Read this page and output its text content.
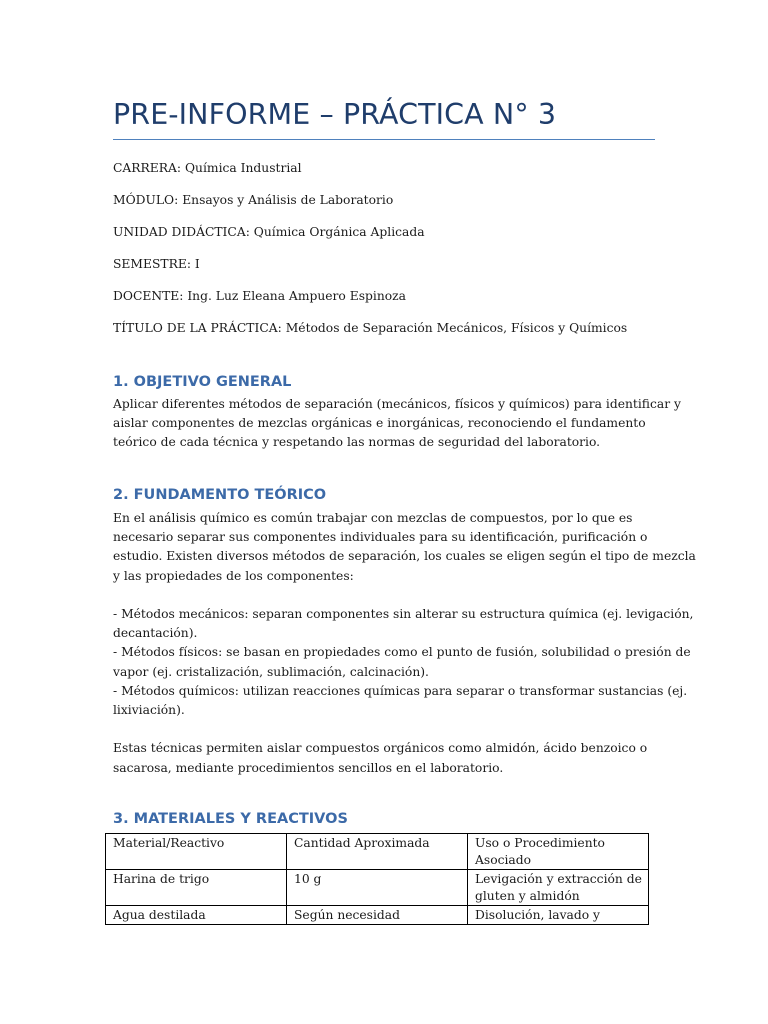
PRE-INFORME – PRÁCTICA N° 3
CARRERA: Química Industrial
MÓDULO: Ensayos y Análisis de Laboratorio
UNIDAD DIDÁCTICA: Química Orgánica Aplicada
SEMESTRE: I
DOCENTE: Ing. Luz Eleana Ampuero Espinoza
TÍTULO DE LA PRÁCTICA: Métodos de Separación Mecánicos, Físicos y Químicos
1. OBJETIVO GENERAL
Aplicar diferentes métodos de separación (mecánicos, físicos y químicos) para identificar y
aislar componentes de mezclas orgánicas e inorgánicas, reconociendo el fundamento
teórico de cada técnica y respetando las normas de seguridad del laboratorio.
2. FUNDAMENTO TEÓRICO
En el análisis químico es común trabajar con mezclas de compuestos, por lo que es
necesario separar sus componentes individuales para su identificación, purificación o
estudio. Existen diversos métodos de separación, los cuales se eligen según el tipo de mezcla
y las propiedades de los componentes:

- Métodos mecánicos: separan componentes sin alterar su estructura química (ej. levigación,
decantación).
- Métodos físicos: se basan en propiedades como el punto de fusión, solubilidad o presión de
vapor (ej. cristalización, sublimación, calcinación).
- Métodos químicos: utilizan reacciones químicas para separar o transformar sustancias (ej.
lixiviación).

Estas técnicas permiten aislar compuestos orgánicos como almidón, ácido benzoico o
sacarosa, mediante procedimientos sencillos en el laboratorio.
3. MATERIALES Y REACTIVOS
Material/Reactivo	Cantidad Aproximada	Uso o Procedimiento Asociado
Harina de trigo	10 g	Levigación y extracción de gluten y almidón
Agua destilada	Según necesidad	Disolución, lavado y
